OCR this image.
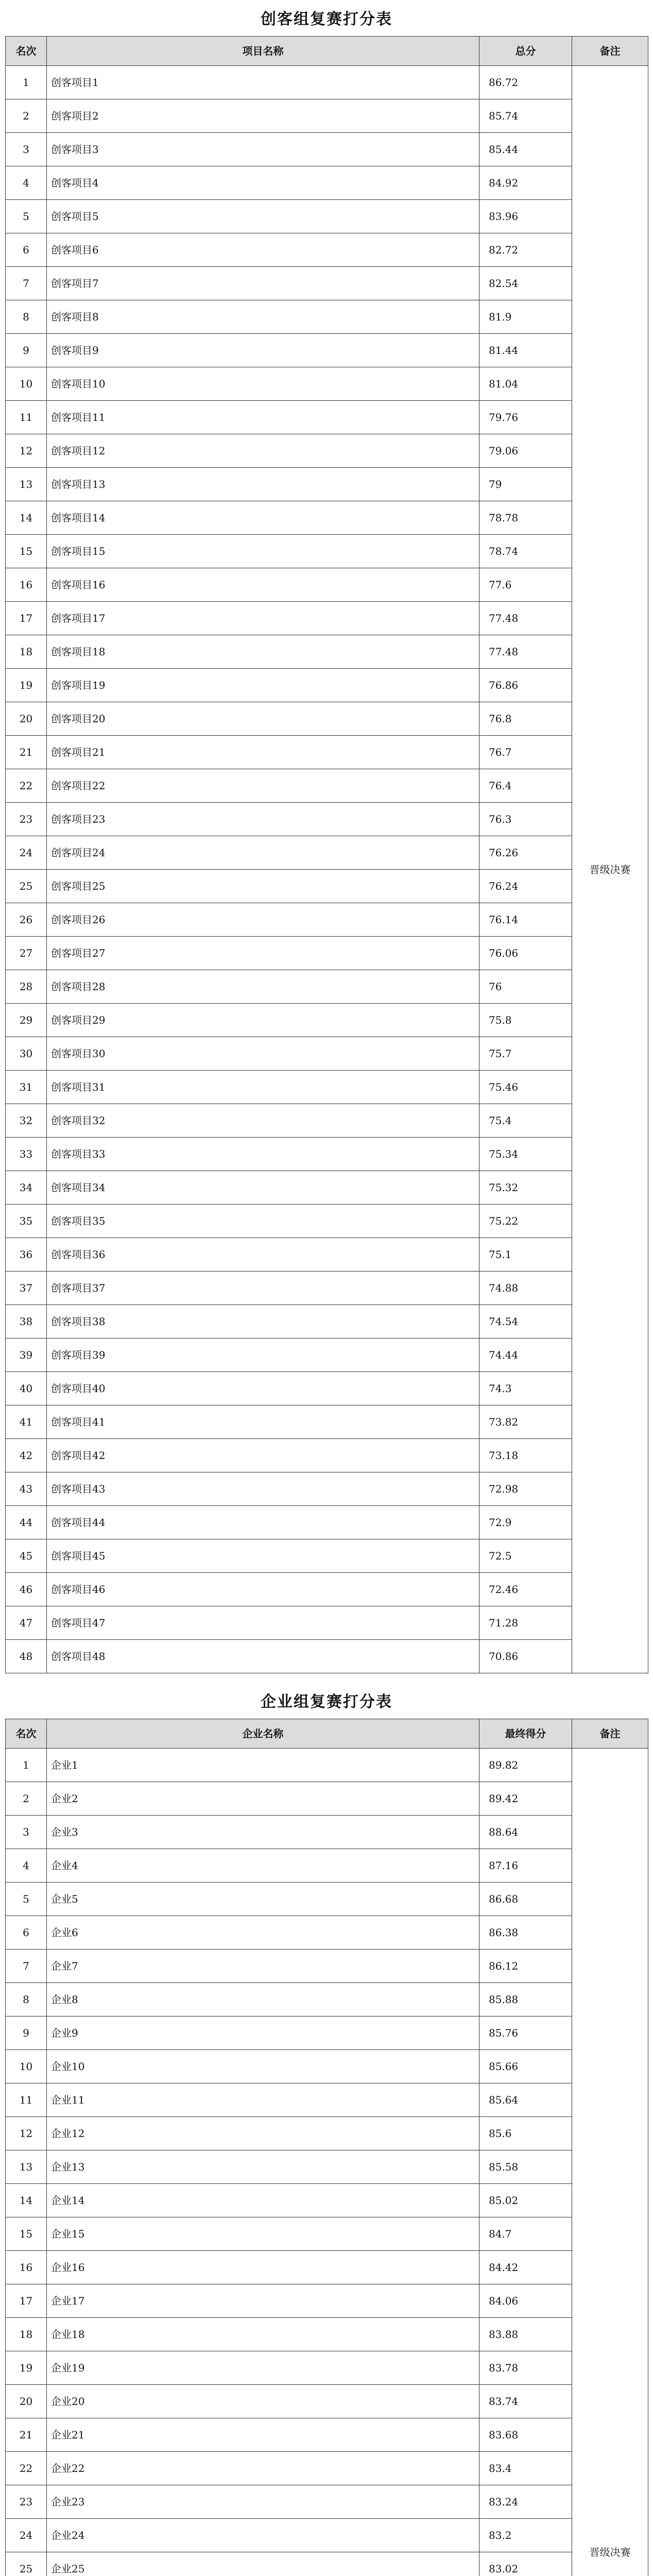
创客组复赛打分表
名次	项目名称	总分	备注
1	创客项目1	86.72	晋级决赛
2	创客项目2	85.74	
3	创客项目3	85.44	
4	创客项目4	84.92	
5	创客项目5	83.96	
6	创客项目6	82.72	
7	创客项目7	82.54	
8	创客项目8	81.9	
9	创客项目9	81.44	
10	创客项目10	81.04	
11	创客项目11	79.76	
12	创客项目12	79.06	
13	创客项目13	79	
14	创客项目14	78.78	
15	创客项目15	78.74	
16	创客项目16	77.6	
17	创客项目17	77.48	
18	创客项目18	77.48	
19	创客项目19	76.86	
20	创客项目20	76.8	
21	创客项目21	76.7	
22	创客项目22	76.4	
23	创客项目23	76.3	
24	创客项目24	76.26	
25	创客项目25	76.24	
26	创客项目26	76.14	
27	创客项目27	76.06	
28	创客项目28	76	
29	创客项目29	75.8	
30	创客项目30	75.7	
31	创客项目31	75.46	
32	创客项目32	75.4	
33	创客项目33	75.34	
34	创客项目34	75.32	
35	创客项目35	75.22	
36	创客项目36	75.1	
37	创客项目37	74.88	
38	创客项目38	74.54	
39	创客项目39	74.44	
40	创客项目40	74.3	
41	创客项目41	73.82	
42	创客项目42	73.18	
43	创客项目43	72.98	
44	创客项目44	72.9	
45	创客项目45	72.5	
46	创客项目46	72.46	
47	创客项目47	71.28	
48	创客项目48	70.86	
企业组复赛打分表
名次	企业名称	最终得分	备注
1	企业1	89.82	晋级决赛
2	企业2	89.42	
3	企业3	88.64	
4	企业4	87.16	
5	企业5	86.68	
6	企业6	86.38	
7	企业7	86.12	
8	企业8	85.88	
9	企业9	85.76	
10	企业10	85.66	
11	企业11	85.64	
12	企业12	85.6	
13	企业13	85.58	
14	企业14	85.02	
15	企业15	84.7	
16	企业16	84.42	
17	企业17	84.06	
18	企业18	83.88	
19	企业19	83.78	
20	企业20	83.74	
21	企业21	83.68	
22	企业22	83.4	
23	企业23	83.24	
24	企业24	83.2	
25	企业25	83.02	
